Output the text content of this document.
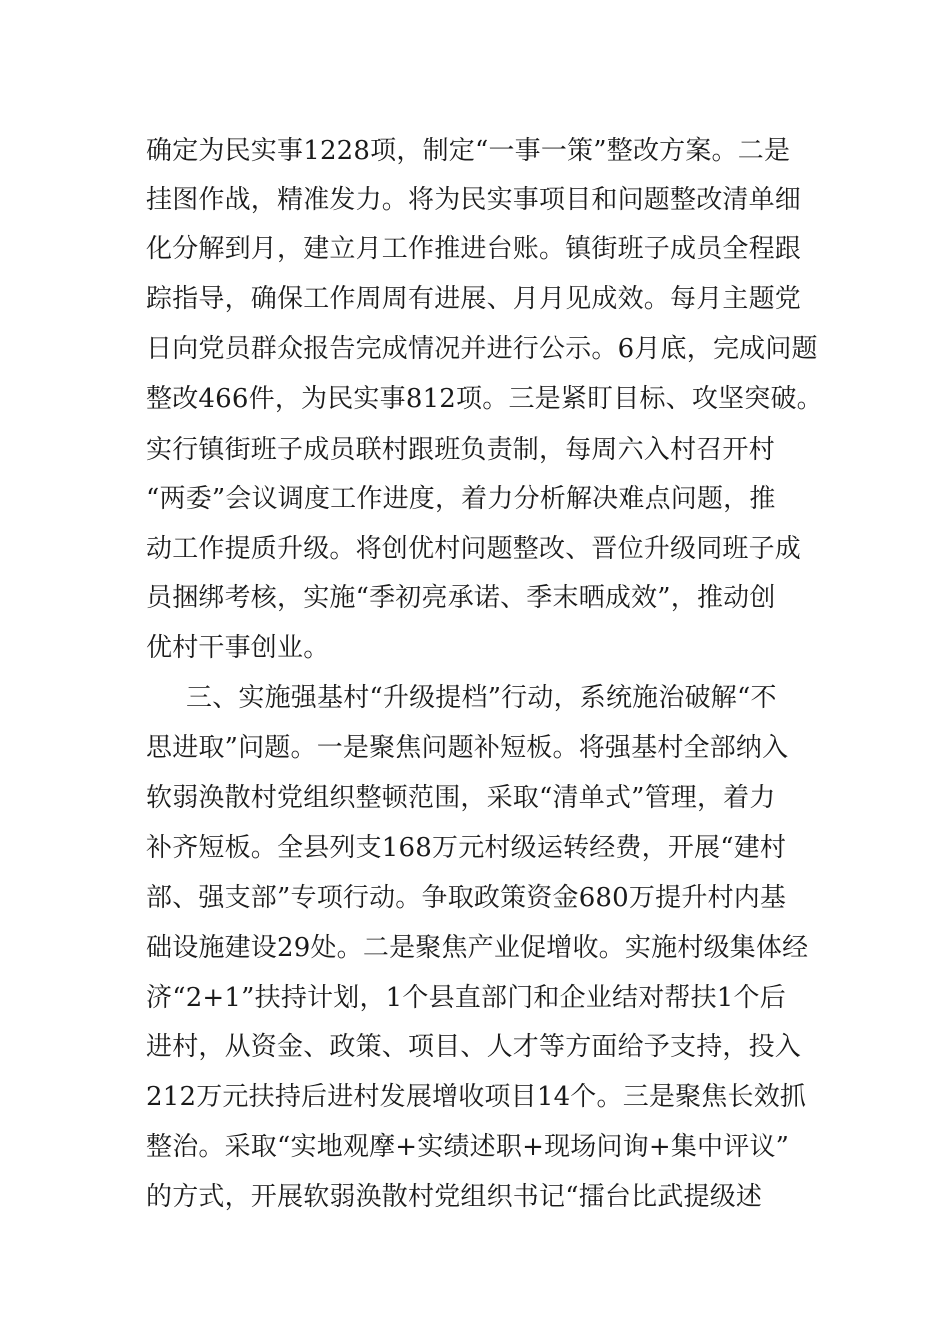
确定为民实事1228项，制定“一事一策”整改方案。二是
挂图作战，精准发力。将为民实事项目和问题整改清单细
化分解到月，建立月工作推进台账。镇街班子成员全程跟
踪指导，确保工作周周有进展、月月见成效。每月主题党
日向党员群众报告完成情况并进行公示。6月底，完成问题
整改466件，为民实事812项。三是紧盯目标、攻坚突破。
实行镇街班子成员联村跟班负责制，每周六入村召开村
“两委”会议调度工作进度，着力分析解决难点问题，推
动工作提质升级。将创优村问题整改、晋位升级同班子成
员捆绑考核，实施“季初亮承诺、季末晒成效”，推动创
优村干事创业。
三、实施强基村“升级提档”行动，系统施治破解“不
思进取”问题。一是聚焦问题补短板。将强基村全部纳入
软弱涣散村党组织整顿范围，采取“清单式”管理，着力
补齐短板。全县列支168万元村级运转经费，开展“建村
部、强支部”专项行动。争取政策资金680万提升村内基
础设施建设29处。二是聚焦产业促增收。实施村级集体经
济“2+1”扶持计划，1个县直部门和企业结对帮扶1个后
进村，从资金、政策、项目、人才等方面给予支持，投入
212万元扶持后进村发展增收项目14个。三是聚焦长效抓
整治。采取“实地观摩+实绩述职+现场问询+集中评议”
的方式，开展软弱涣散村党组织书记“擂台比武提级述
